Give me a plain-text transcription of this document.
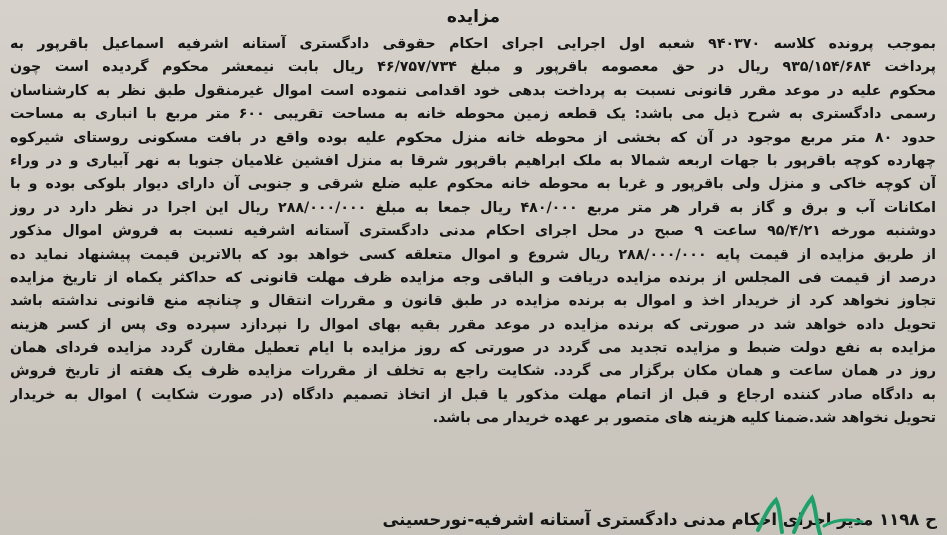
مزایده
بموجب پرونده کلاسه ۹۴۰۳۷۰ شعبه اول اجرایی اجرای احکام حقوقی دادگستری آستانه اشرفیه اسماعیل باقرپور به
پرداخت ۹۳۵/۱۵۴/۶۸۴ ریال در حق معصومه باقرپور و مبلغ ۴۶/۷۵۷/۷۳۴ ریال بابت نیمعشر محکوم گردیده است چون
محکوم علیه در موعد مقرر قانونی نسبت به پرداخت بدهی خود اقدامی ننموده است اموال غیرمنقول طبق نظر به کارشناسان
رسمی دادگستری به شرح ذیل می باشد: یک قطعه زمین محوطه خانه به مساحت تقریبی ۶۰۰ متر مربع با انباری به مساحت
حدود ۸۰ متر مربع موجود در آن که بخشی از محوطه خانه منزل محکوم علیه بوده واقع در بافت مسکونی روستای شیرکوه
چهارده کوچه باقرپور با جهات اربعه شمالا به ملک ابراهیم باقرپور شرقا به منزل افشین غلامیان جنوبا به نهر آبیاری و در وراء
آن کوچه خاکی و منزل ولی باقرپور و غربا به محوطه خانه محکوم علیه ضلع شرقی و جنوبی آن دارای دیوار بلوکی بوده و با
امکانات آب و برق و گاز به قرار هر متر مربع ۴۸۰/۰۰۰ ریال جمعا به مبلغ ۲۸۸/۰۰۰/۰۰۰ ریال این اجرا در نظر دارد در روز
دوشنبه مورخه ۹۵/۴/۲۱ ساعت ۹ صبح در محل اجرای احکام مدنی دادگستری آستانه اشرفیه نسبت به فروش اموال مذکور
از طریق مزایده از قیمت پایه ۲۸۸/۰۰۰/۰۰۰ ریال شروع و اموال متعلقه کسی خواهد بود که بالاترین قیمت پیشنهاد نماید ده
درصد از قیمت فی المجلس از برنده مزایده دریافت و الباقی وجه مزایده ظرف مهلت قانونی که حداکثر یکماه از تاریخ مزایده
تجاوز نخواهد کرد از خریدار اخذ و اموال به برنده مزایده در طبق قانون و مقررات انتقال و چنانچه منع قانونی نداشته باشد
تحویل داده خواهد شد در صورتی که برنده مزایده در موعد مقرر بقیه بهای اموال را نپردازد سپرده وی پس از کسر هزینه
مزایده به نفع دولت ضبط و مزایده تجدید می گردد در صورتی که روز مزایده با ایام تعطیل مقارن گردد مزایده فردای همان
روز در همان ساعت و همان مکان برگزار می گردد. شکایت راجع به تخلف از مقررات مزایده ظرف یک هفته از تاریخ فروش
به دادگاه صادر کننده ارجاع و قبل از اتمام مهلت مذکور یا قبل از اتخاذ تصمیم دادگاه (در صورت شکایت ) اموال به خریدار
تحویل نخواهد شد.ضمنا کلیه هزینه های متصور بر عهده خریدار می باشد.
ح ۱۱۹۸ مدیر اجرای احکام مدنی دادگستری آستانه اشرفیه-نورحسینی
